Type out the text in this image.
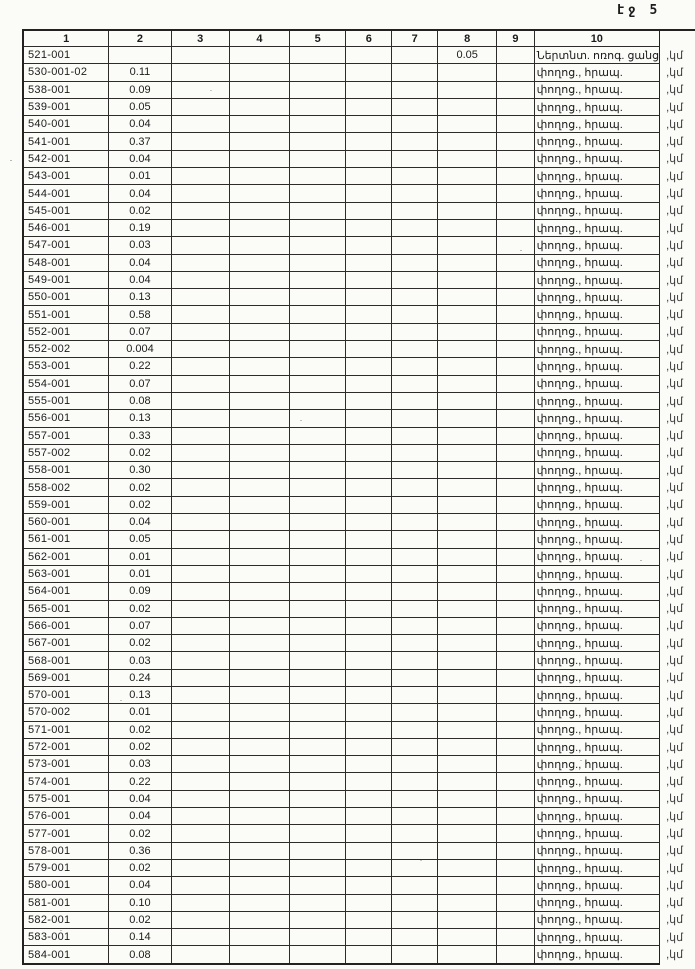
էջ 5
1	2	3	4	5	6	7	8	9	10	
521-001							0.05		Ներտնտ. ոռոգ. ցանց	,կմ
530-001-02	0.11								փողոց., հրապ.	,կմ
538-001	0.09								փողոց., հրապ.	,կմ
539-001	0.05								փողոց., հրապ.	,կմ
540-001	0.04								փողոց., հրապ.	,կմ
541-001	0.37								փողոց., հրապ.	,կմ
542-001	0.04								փողոց., հրապ.	,կմ
543-001	0.01								փողոց., հրապ.	,կմ
544-001	0.04								փողոց., հրապ.	,կմ
545-001	0.02								փողոց., հրապ.	,կմ
546-001	0.19								փողոց., հրապ.	,կմ
547-001	0.03								փողոց., հրապ.	,կմ
548-001	0.04								փողոց., հրապ.	,կմ
549-001	0.04								փողոց., հրապ.	,կմ
550-001	0.13								փողոց., հրապ.	,կմ
551-001	0.58								փողոց., հրապ.	,կմ
552-001	0.07								փողոց., հրապ.	,կմ
552-002	0.004								փողոց., հրապ.	,կմ
553-001	0.22								փողոց., հրապ.	,կմ
554-001	0.07								փողոց., հրապ.	,կմ
555-001	0.08								փողոց., հրապ.	,կմ
556-001	0.13								փողոց., հրապ.	,կմ
557-001	0.33								փողոց., հրապ.	,կմ
557-002	0.02								փողոց., հրապ.	,կմ
558-001	0.30								փողոց., հրապ.	,կմ
558-002	0.02								փողոց., հրապ.	,կմ
559-001	0.02								փողոց., հրապ.	,կմ
560-001	0.04								փողոց., հրապ.	,կմ
561-001	0.05								փողոց., հրապ.	,կմ
562-001	0.01								փողոց., հրապ.	,կմ
563-001	0.01								փողոց., հրապ.	,կմ
564-001	0.09								փողոց., հրապ.	,կմ
565-001	0.02								փողոց., հրապ.	,կմ
566-001	0.07								փողոց., հրապ.	,կմ
567-001	0.02								փողոց., հրապ.	,կմ
568-001	0.03								փողոց., հրապ.	,կմ
569-001	0.24								փողոց., հրապ.	,կմ
570-001	0.13								փողոց., հրապ.	,կմ
570-002	0.01								փողոց., հրապ.	,կմ
571-001	0.02								փողոց., հրապ.	,կմ
572-001	0.02								փողոց., հրապ.	,կմ
573-001	0.03								փողոց., հրապ.	,կմ
574-001	0.22								փողոց., հրապ.	,կմ
575-001	0.04								փողոց., հրապ.	,կմ
576-001	0.04								փողոց., հրապ.	,կմ
577-001	0.02								փողոց., հրապ.	,կմ
578-001	0.36								փողոց., հրապ.	,կմ
579-001	0.02								փողոց., հրապ.	,կմ
580-001	0.04								փողոց., հրապ.	,կմ
581-001	0.10								փողոց., հրապ.	,կմ
582-001	0.02								փողոց., հրապ.	,կմ
583-001	0.14								փողոց., հրապ.	,կմ
584-001	0.08								փողոց., հրապ.	,կմ
